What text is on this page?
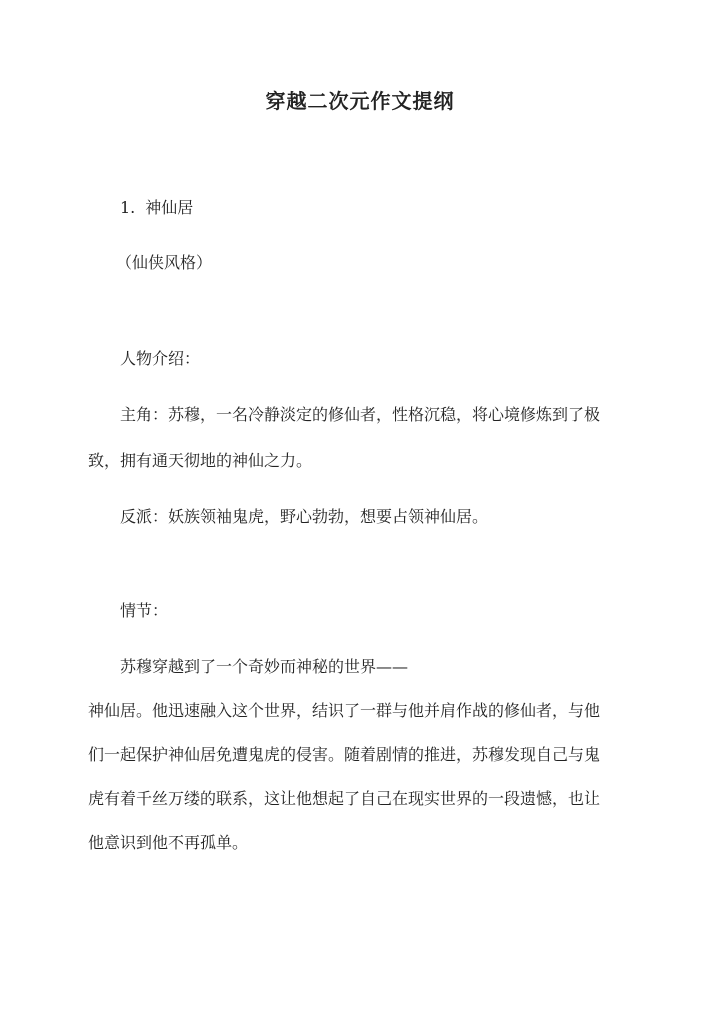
穿越二次元作文提纲

1. 神仙居

（仙侠风格）

人物介绍：

主角：苏穆，一名冷静淡定的修仙者，性格沉稳，将心境修炼到了极

致，拥有通天彻地的神仙之力。

反派：妖族领袖鬼虎，野心勃勃，想要占领神仙居。

情节：

苏穆穿越到了一个奇妙而神秘的世界——

神仙居。他迅速融入这个世界，结识了一群与他并肩作战的修仙者，与他

们一起保护神仙居免遭鬼虎的侵害。随着剧情的推进，苏穆发现自己与鬼

虎有着千丝万缕的联系，这让他想起了自己在现实世界的一段遗憾，也让

他意识到他不再孤单。
